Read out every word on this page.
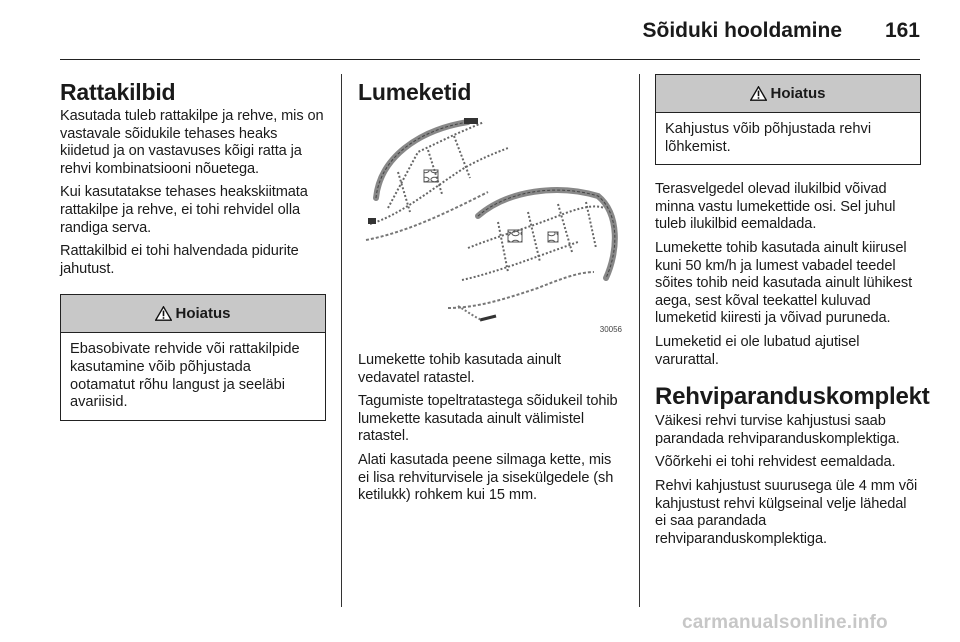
Sõiduki hooldamine 161
Rattakilbid

Kasutada tuleb rattakilpe ja rehve, mis on vastavale sõidukile tehases heaks kiidetud ja on vastavuses kõigi ratta ja rehvi kombinatsiooni nõuetega.

Kui kasutatakse tehases heakskiitmata rattakilpe ja rehve, ei tohi rehvidel olla randiga serva.

Rattakilbid ei tohi halvendada pidurite jahutust.

Hoiatus
Ebasobivate rehvide või rattakilpide kasutamine võib põhjustada ootamatut rõhu langust ja seeläbi avariisid.
Lumeketid
30056

Lumekette tohib kasutada ainult vedavatel ratastel.

Tagumiste topeltratastega sõidukeil tohib lumekette kasutada ainult välimistel ratastel.

Alati kasutada peene silmaga kette, mis ei lisa rehviturvisele ja sisekülgedele (sh ketilukk) rohkem kui 15 mm.

Hoiatus
Kahjustus võib põhjustada rehvi lõhkemist.

Terasvelgedel olevad ilukilbid võivad minna vastu lumekettide osi. Sel juhul tuleb ilukilbid eemaldada.

Lumekette tohib kasutada ainult kiirusel kuni 50 km/h ja lumest vabadel teedel sõites tohib neid kasutada ainult lühikest aega, sest kõval teekattel kuluvad lumeketid kiiresti ja võivad puruneda.

Lumeketid ei ole lubatud ajutisel varurattal.

Rehviparanduskomplekt

Väikesi rehvi turvise kahjustusi saab parandada rehviparanduskomplektiga.

Võõrkehi ei tohi rehvidest eemaldada.

Rehvi kahjustust suurusega üle 4 mm või kahjustust rehvi külgseinal velje lähedal ei saa parandada rehviparanduskomplektiga.

carmanualsonline.info
